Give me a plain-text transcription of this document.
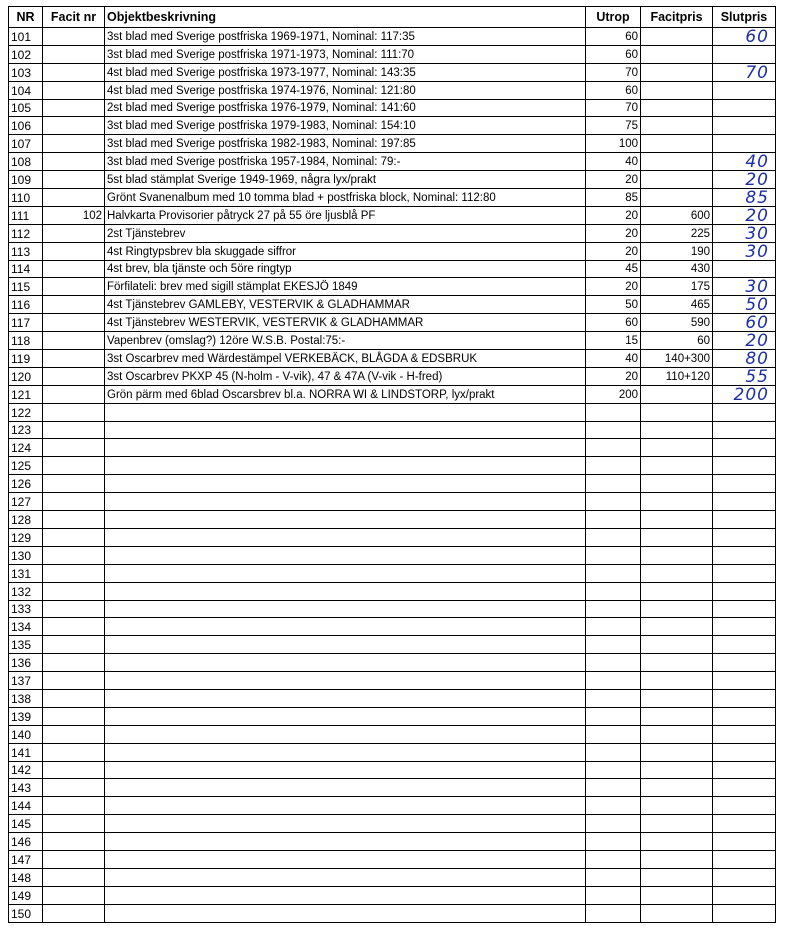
NR	Facit nr	Objektbeskrivning	Utrop	Facitpris	Slutpris
101		3st blad med Sverige postfriska 1969-1971, Nominal: 117:35	60		60
102		3st blad med Sverige postfriska 1971-1973, Nominal: 111:70	60		
103		4st blad med Sverige postfriska 1973-1977, Nominal: 143:35	70		70
104		4st blad med Sverige postfriska 1974-1976, Nominal: 121:80	60		
105		2st blad med Sverige postfriska 1976-1979, Nominal: 141:60	70		
106		3st blad med Sverige postfriska 1979-1983, Nominal: 154:10	75		
107		3st blad med Sverige postfriska 1982-1983, Nominal: 197:85	100		
108		3st blad med Sverige postfriska 1957-1984, Nominal: 79:-	40		40
109		5st blad stämplat Sverige 1949-1969, några lyx/prakt	20		20
110		Grönt Svanenalbum med 10 tomma blad + postfriska block, Nominal: 112:80	85		85
111	102	Halvkarta Provisorier påtryck 27 på 55 öre ljusblå PF	20	600	20
112		2st Tjänstebrev	20	225	30
113		4st Ringtypsbrev bla skuggade siffror	20	190	30
114		4st brev, bla tjänste och 5öre ringtyp	45	430	
115		Förfilateli: brev med sigill stämplat EKESJÖ 1849	20	175	30
116		4st Tjänstebrev GAMLEBY, VESTERVIK & GLADHAMMAR	50	465	50
117		4st Tjänstebrev WESTERVIK, VESTERVIK & GLADHAMMAR	60	590	60
118		Vapenbrev (omslag?) 12öre W.S.B. Postal:75:-	15	60	20
119		3st Oscarbrev med Wärdestämpel VERKEBÄCK, BLÅGDA & EDSBRUK	40	140+300	80
120		3st Oscarbrev PKXP 45 (N-holm - V-vik), 47 & 47A (V-vik - H-fred)	20	110+120	55
121		Grön pärm med 6blad Oscarsbrev bl.a. NORRA WI & LINDSTORP, lyx/prakt	200		200
122					
123					
124					
125					
126					
127					
128					
129					
130					
131					
132					
133					
134					
135					
136					
137					
138					
139					
140					
141					
142					
143					
144					
145					
146					
147					
148					
149					
150					
